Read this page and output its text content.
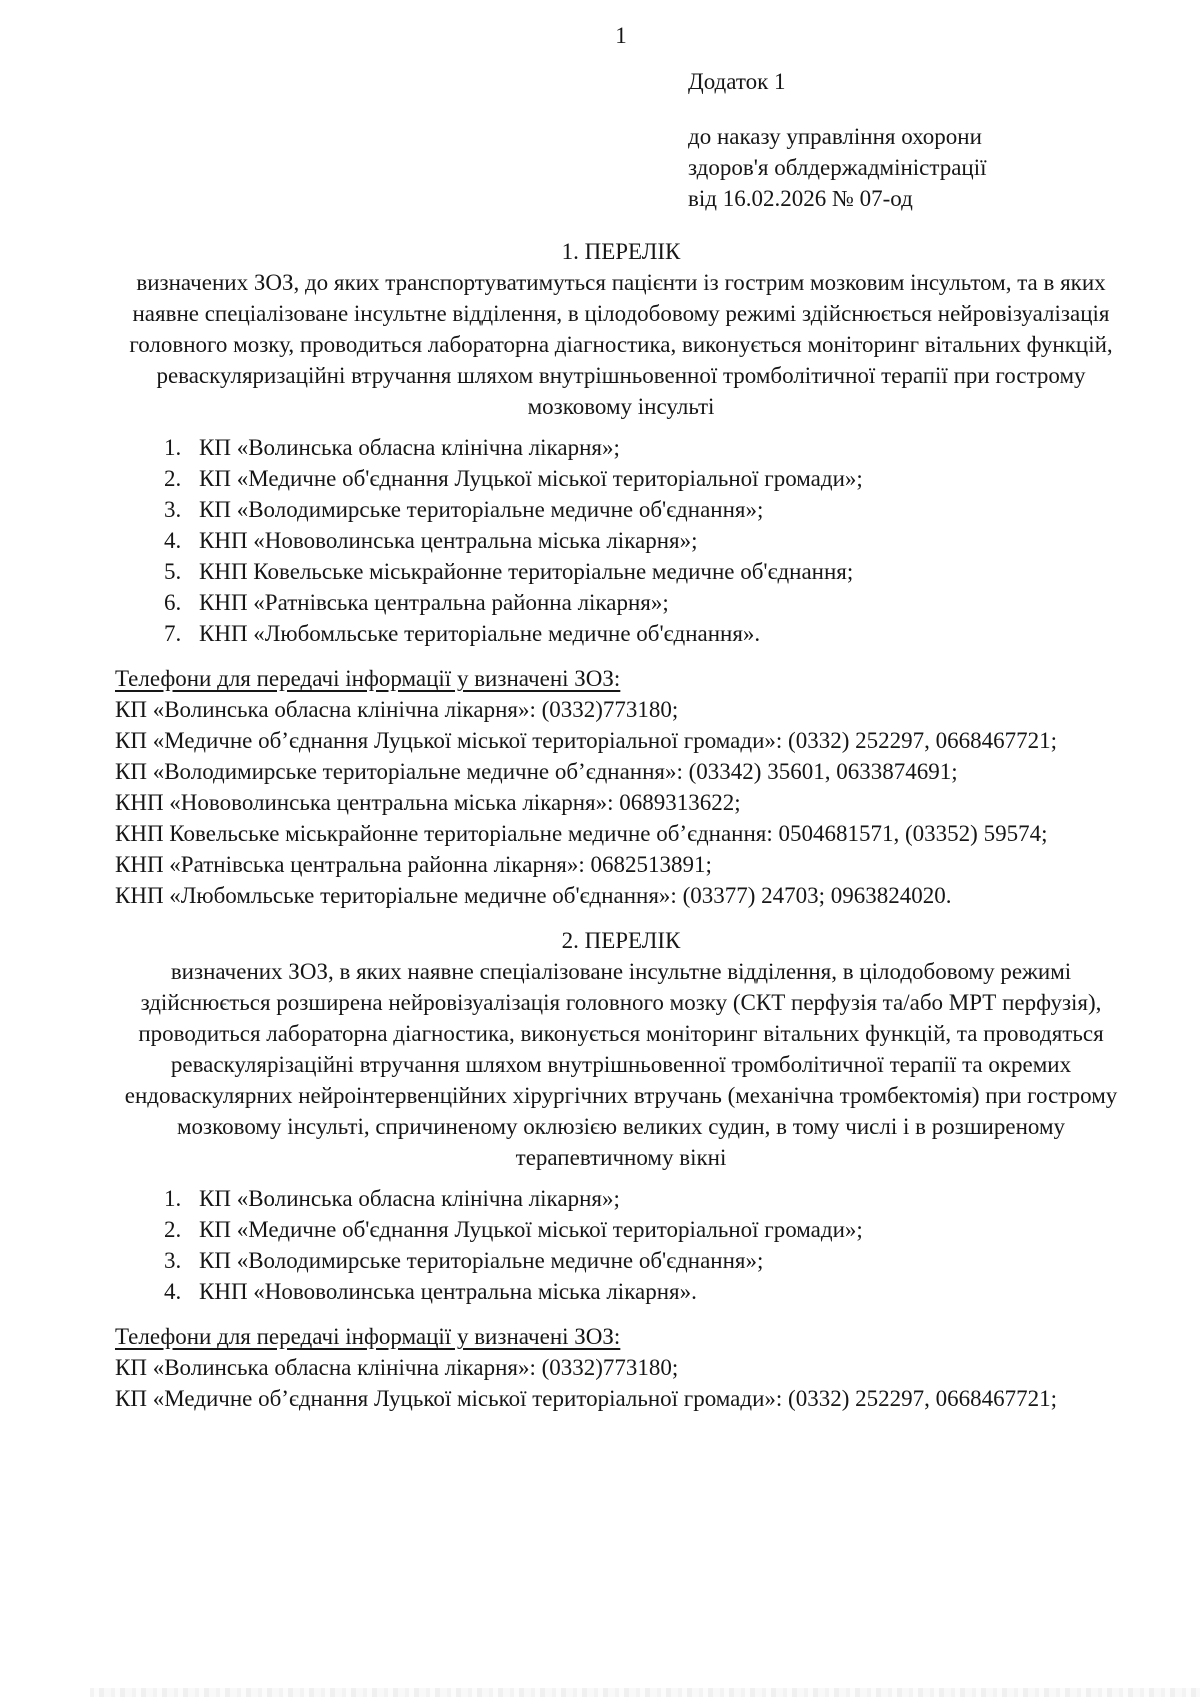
1

Додаток 1

до наказу управління охорони

здоров'я облдержадміністрації

від 16.02.2026 № 07-од

1. ПЕРЕЛІК

визначених ЗОЗ, до яких транспортуватимуться пацієнти із гострим мозковим інсультом, та в яких наявне спеціалізоване інсультне відділення, в цілодобовому режимі здійснюється нейровізуалізація головного мозку, проводиться лабораторна діагностика, виконується моніторинг вітальних функцій, реваскуляризаційні втручання шляхом внутрішньовенної тромболітичної терапії при гострому мозковому інсульті

1. КП «Волинська обласна клінічна лікарня»;
2. КП «Медичне об'єднання Луцької міської територіальної громади»;
3. КП «Володимирське територіальне медичне об'єднання»;
4. КНП «Нововолинська центральна міська лікарня»;
5. КНП Ковельське міськрайонне територіальне медичне об'єднання;
6. КНП «Ратнівська центральна районна лікарня»;
7. КНП «Любомльське територіальне медичне об'єднання».

Телефони для передачі інформації у визначені ЗОЗ:

КП «Волинська обласна клінічна лікарня»: (0332)773180;

КП «Медичне об’єднання Луцької міської територіальної громади»: (0332) 252297, 0668467721;

КП «Володимирське територіальне медичне об’єднання»: (03342) 35601, 0633874691;

КНП «Нововолинська центральна міська лікарня»: 0689313622;

КНП Ковельське міськрайонне територіальне медичне об’єднання: 0504681571, (03352) 59574;

КНП «Ратнівська центральна районна лікарня»: 0682513891;

КНП «Любомльське територіальне медичне об'єднання»: (03377) 24703; 0963824020.

2. ПЕРЕЛІК

визначених ЗОЗ, в яких наявне спеціалізоване інсультне відділення, в цілодобовому режимі здійснюється розширена нейровізуалізація головного мозку (СКТ перфузія та/або МРТ перфузія), проводиться лабораторна діагностика, виконується моніторинг вітальних функцій, та проводяться реваскулярізаційні втручання шляхом внутрішньовенної тромболітичної терапії та окремих ендоваскулярних нейроінтервенційних хірургічних втручань (механічна тромбектомія) при гострому мозковому інсульті, спричиненому оклюзією великих судин, в тому числі і в розширеному терапевтичному вікні

1. КП «Волинська обласна клінічна лікарня»;
2. КП «Медичне об'єднання Луцької міської територіальної громади»;
3. КП «Володимирське територіальне медичне об'єднання»;
4. КНП «Нововолинська центральна міська лікарня».

Телефони для передачі інформації у визначені ЗОЗ:

КП «Волинська обласна клінічна лікарня»: (0332)773180;

КП «Медичне об’єднання Луцької міської територіальної громади»: (0332) 252297, 0668467721;
